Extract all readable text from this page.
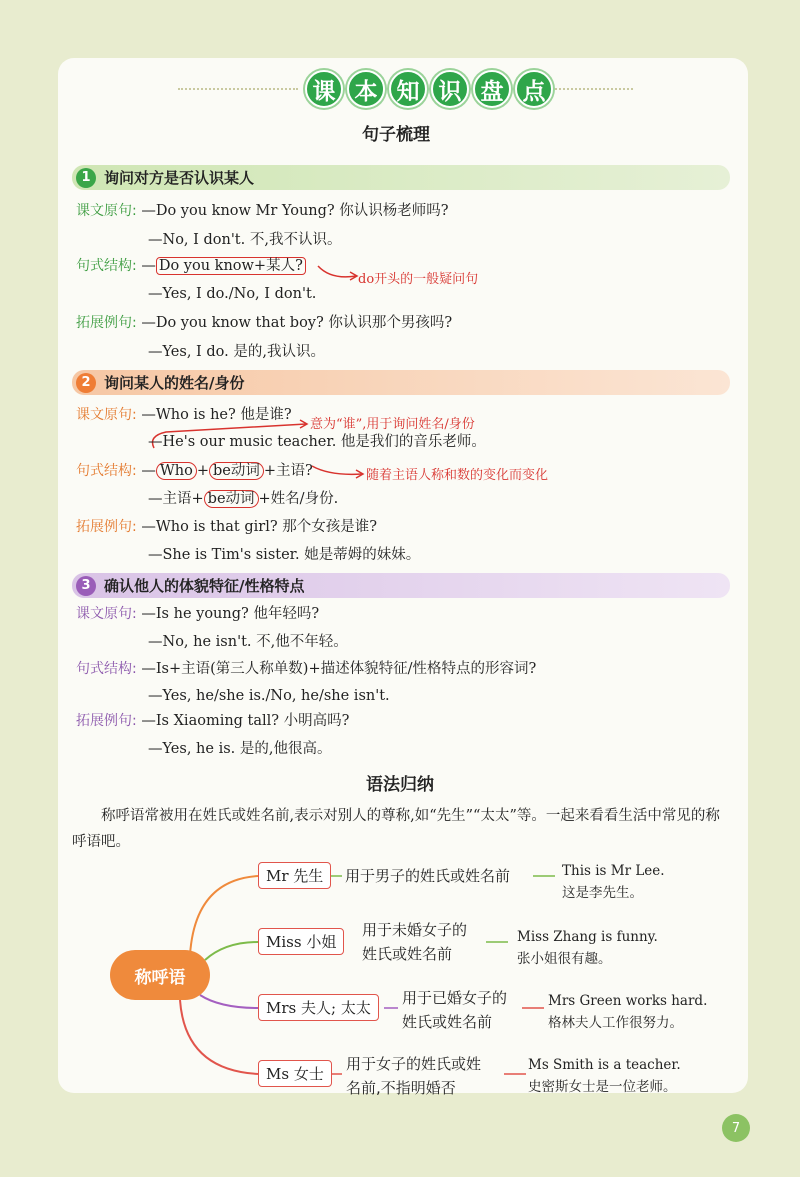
课 本 知 识 盘 点
句子梳理
1 询问对方是否认识某人
课文原句: —Do you know Mr Young? 你认识杨老师吗?
—No, I don't. 不,我不认识。
句式结构: — Do you know+某人?
do开头的一般疑问句
—Yes, I do./No, I don't.
拓展例句: —Do you know that boy? 你认识那个男孩吗?
—Yes, I do. 是的,我认识。
2 询问某人的姓名/身份
课文原句: —Who is he? 他是谁?
意为“谁”,用于询问姓名/身份
—He's our music teacher. 他是我们的音乐老师。
句式结构: — Who + be动词 +主语?	随着主语人称和数的变化而变化
—主语+ be动词 +姓名/身份.
拓展例句: —Who is that girl? 那个女孩是谁?
—She is Tim's sister. 她是蒂姆的妹妹。
3 确认他人的体貌特征/性格特点
课文原句: —Is he young? 他年轻吗?
—No, he isn't. 不,他不年轻。
句式结构: —Is+主语(第三人称单数)+描述体貌特征/性格特点的形容词?
—Yes, he/she is./No, he/she isn't.
拓展例句: —Is Xiaoming tall? 小明高吗?
—Yes, he is. 是的,他很高。
语法归纳
称呼语常被用在姓氏或姓名前,表示对别人的尊称,如“先生”“太太”等。一起来看看生活中常见的称呼语吧。
称呼语
Mr 先生	用于男子的姓氏或姓名前	This is Mr Lee.
这是李先生。
Miss 小姐
用于未婚女子的
姓氏或姓名前
Miss Zhang is funny.
张小姐很有趣。
Mrs 夫人; 太太
用于已婚女子的
姓氏或姓名前
Mrs Green works hard.
格林夫人工作很努力。
Ms 女士
用于女子的姓氏或姓
名前,不指明婚否
Ms Smith is a teacher.
史密斯女士是一位老师。
7
